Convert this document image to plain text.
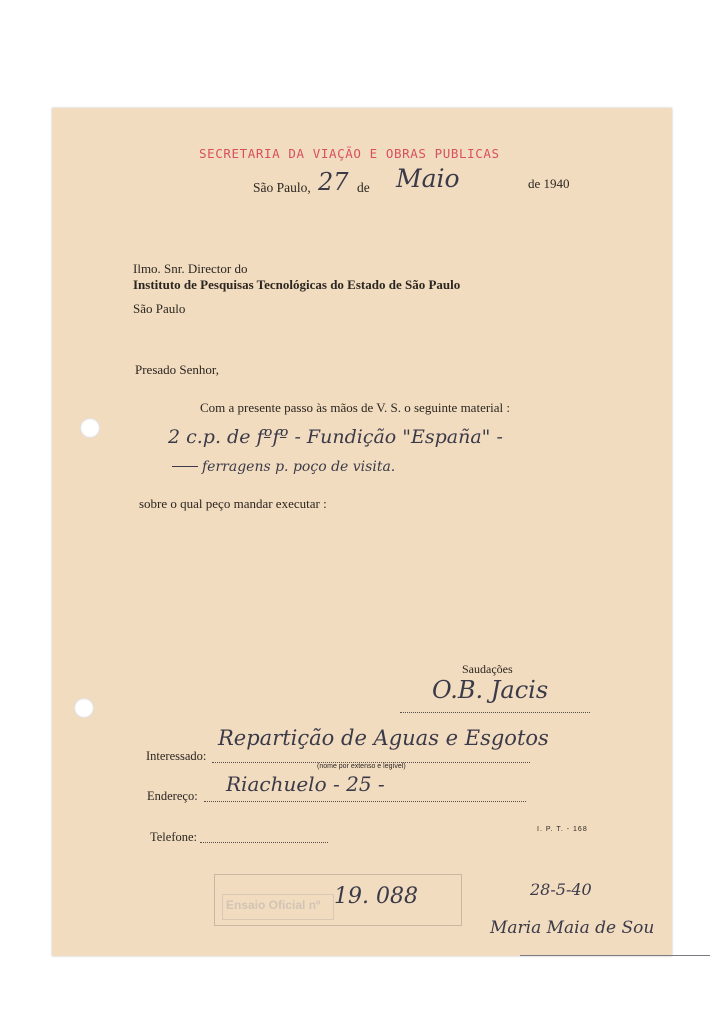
SECRETARIA DA VIAÇÃO E OBRAS PUBLICAS
São Paulo, 27 de Maio	de 1940
Ilmo. Snr. Director do
Instituto de Pesquisas Tecnológicas do Estado de São Paulo
São Paulo
Presado Senhor,
Com a presente passo às mãos de V. S. o seguinte material :
2 c.p. de fºfº - Fundição "España" -
ferragens p. poço de visita.
sobre o qual peço mandar executar :
Saudações
O.B. Jacis
Interessado:
Repartição de Aguas e Esgotos
(nome por extenso e legível)
Endereço: Riachuelo - 25 -
Telefone:
I. P. T. - 168
Ensaio Oficial nº 19. 088	28-5-40
Maria Maia de Sou
